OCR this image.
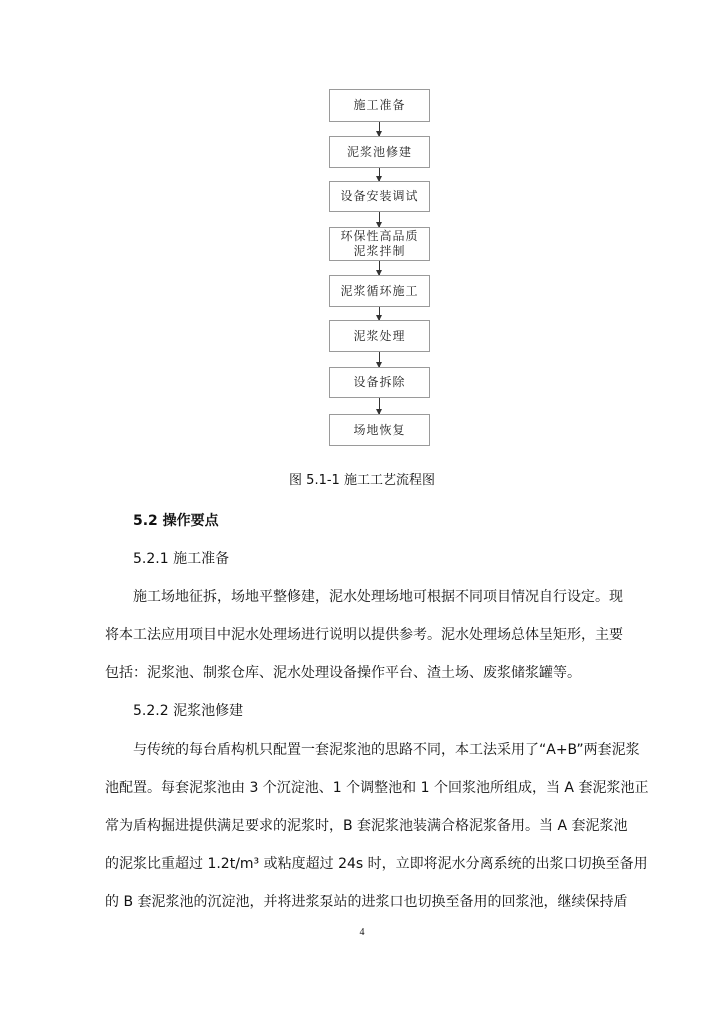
施工准备
泥浆池修建
设备安装调试
环保性高品质
泥浆拌制
泥浆循环施工
泥浆处理
设备拆除
场地恢复
图 5.1-1 施工工艺流程图
5.2 操作要点
5.2.1 施工准备
施工场地征拆，场地平整修建，泥水处理场地可根据不同项目情况自行设定。现
将本工法应用项目中泥水处理场进行说明以提供参考。泥水处理场总体呈矩形，主要
包括：泥浆池、制浆仓库、泥水处理设备操作平台、渣土场、废浆储浆罐等。
5.2.2 泥浆池修建
与传统的每台盾构机只配置一套泥浆池的思路不同，本工法采用了“A+B”两套泥浆
池配置。每套泥浆池由 3 个沉淀池、1 个调整池和 1 个回浆池所组成，当 A 套泥浆池正
常为盾构掘进提供满足要求的泥浆时，B 套泥浆池装满合格泥浆备用。当 A 套泥浆池
的泥浆比重超过 1.2t/m³ 或粘度超过 24s 时，立即将泥水分离系统的出浆口切换至备用
的 B 套泥浆池的沉淀池，并将进浆泵站的进浆口也切换至备用的回浆池，继续保持盾
4
